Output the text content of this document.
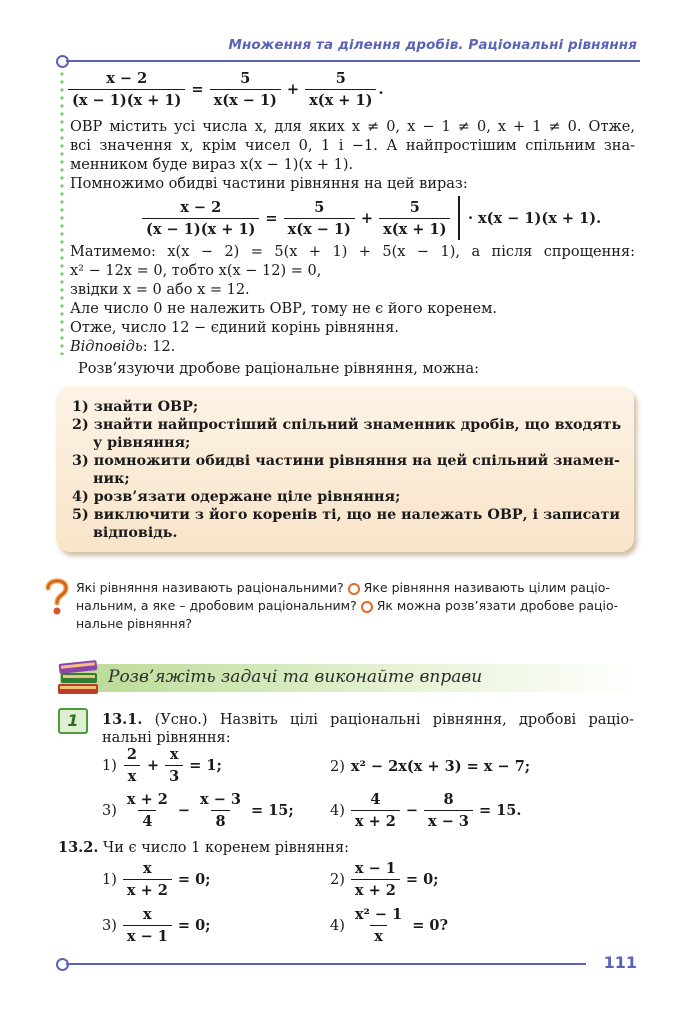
Множення та ділення дробів. Раціональні рівняння
$\frac{x - 2}{(x - 1)(x + 1)} = \frac{5}{x(x - 1)} + \frac{5}{x(x + 1)}$ .
ОВР містить усі числа x, для яких x ≠ 0, x − 1 ≠ 0, x + 1 ≠ 0. Отже,
всі значення x, крім чисел 0, 1 і −1. А найпростішим спільним зна-
менником буде вираз x(x − 1)(x + 1).
Помножимо обидві частини рівняння на цей вираз:
$\frac{x - 2}{(x - 1)(x + 1)} = \frac{5}{x(x - 1)} + \frac{5}{x(x + 1)} \cdot x(x - 1)(x + 1)$.
Матимемо: x(x − 2) = 5(x + 1) + 5(x − 1), а після спрощення:
x² − 12x = 0, тобто x(x − 12) = 0,
звідки x = 0 або x = 12.
Але число 0 не належить ОВР, тому не є його коренем.
Отже, число 12 − єдиний корінь рівняння.
Відповідь: 12.
Розв’язуючи дробове раціональне рівняння, можна:
1) знайти ОВР;
2) знайти найпростіший спільний знаменник дробів, що входять
у рівняння;
3) помножити обидві частини рівняння на цей спільний знамен-
ник;
4) розв’язати одержане ціле рівняння;
5) виключити з його коренів ті, що не належать ОВР, і записати
відповідь.
Які рівняння називають раціональними? Яке рівняння називають цілим раціо-
нальним, а яке – дробовим раціональним? Як можна розв’язати дробове раціо-
нальне рівняння?
Розв’яжіть задачі та виконайте вправи
1	13.1. (Усно.) Назвіть цілі раціональні рівняння, дробові раціо-
нальні рівняння:
$1) \frac{2}{x} + \frac{x}{3} = 1$;	2) x² − 2x(x + 3) = x − 7;
$3) \frac{x + 2}{4} - \frac{x - 3}{8} = 15$;	$4) \frac{4}{x + 2} - \frac{8}{x - 3} = 15$.
13.2. Чи є число 1 коренем рівняння:
$1) \frac{x}{x + 2} = 0$;	$2) \frac{x - 1}{x + 2} = 0$;
$3) \frac{x}{x - 1} = 0$;	$4) \frac{\text{x² − 1}}{x} = 0$?
111
